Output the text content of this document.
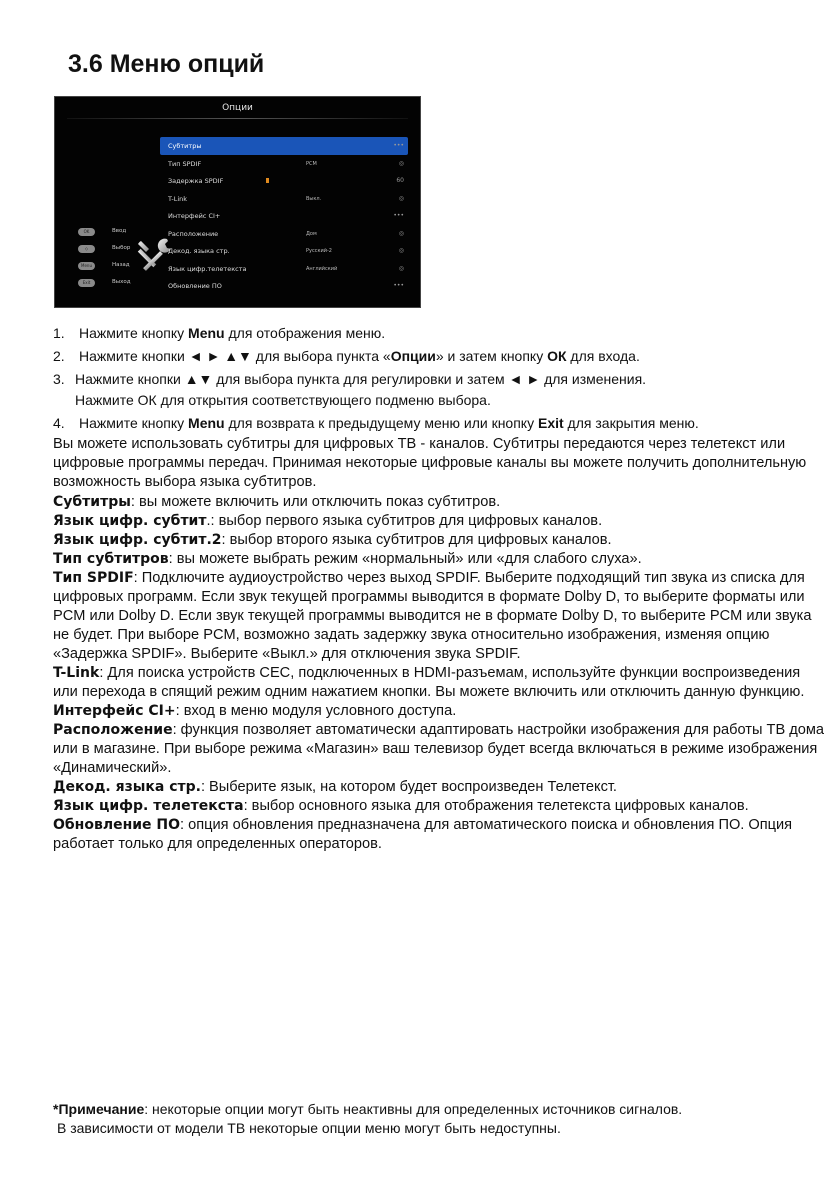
3.6 Меню опций
Опции
Субтитры	•••
Тип SPDIF	PCM	◎
Задержка SPDIF	60
T-Link	Выкл.	◎
Интерфейс CI+	•••
Расположение	Дом	◎
Декод. языка стр.	Русский-2	◎
Язык цифр.телетекста	Английский	◎
Обновление ПО	•••
OK	Ввод
◇	Выбор
Menu	Назад
Exit	Выход
1. Нажмите кнопку Menu для отображения меню.
2. Нажмите кнопки ◄ ► ▲▼ для выбора пункта «Опции» и затем кнопку ОК для входа.
3. Нажмите кнопки ▲▼ для выбора пункта для регулировки и затем ◄ ► для изменения.
Нажмите ОК для открытия соответствующего подменю выбора.
4. Нажмите кнопку Menu для возврата к предыдущему меню или кнопку Exit для закрытия меню.
Вы можете использовать субтитры для цифровых ТВ - каналов. Субтитры передаются через телетекст или цифровые программы передач. Принимая некоторые цифровые каналы вы можете получить дополнительную возможность выбора языка субтитров.
Субтитры: вы можете включить или отключить показ субтитров.
Язык цифр. субтит.: выбор первого языка субтитров для цифровых каналов.
Язык цифр. субтит.2: выбор второго языка субтитров для цифровых каналов.
Тип субтитров: вы можете выбрать режим «нормальный» или «для слабого слуха».
Тип SPDIF: Подключите аудиоустройство через выход SPDIF. Выберите подходящий тип звука из списка для цифровых программ. Если звук текущей программы выводится в формате Dolby D, то выберите форматы или PCM или Dolby D. Если звук текущей программы выводится не в формате Dolby D, то выберите PCM или звука не будет. При выборе PCM, возможно задать задержку звука относительно изображения, изменяя опцию «Задержка SPDIF». Выберите «Выкл.» для отключения звука SPDIF.
T-Link: Для поиска устройств CEC, подключенных в HDMI-разъемам, используйте функции воспроизведения или перехода в спящий режим одним нажатием кнопки. Вы можете включить или отключить данную функцию.
Интерфейс CI+: вход в меню модуля условного доступа.
Расположение: функция позволяет автоматически адаптировать настройки изображения для работы ТВ дома или в магазине. При выборе режима «Магазин» ваш телевизор будет всегда включаться в режиме изображения «Динамический».
Декод. языка стр.: Выберите язык, на котором будет воспроизведен Телетекст.
Язык цифр. телетекста: выбор основного языка для отображения телетекста цифровых каналов.
Обновление ПО: опция обновления предназначена для автоматического поиска и обновления ПО. Опция работает только для определенных операторов.
*Примечание: некоторые опции могут быть неактивны для определенных источников сигналов.
В зависимости от модели ТВ некоторые опции меню могут быть недоступны.
